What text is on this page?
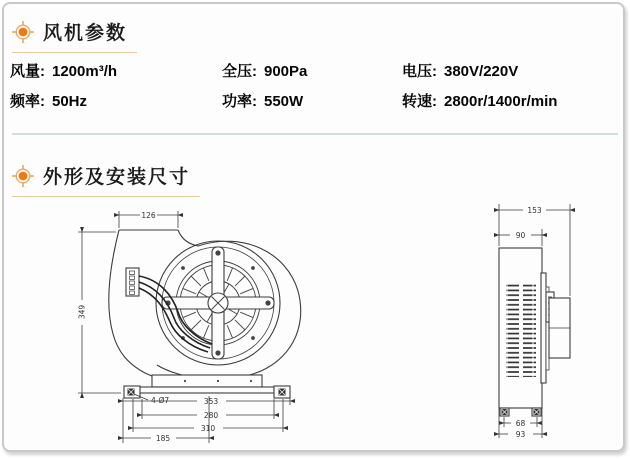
风机参数
风量: 1200m³/h	全压: 900Pa	电压: 380V/220V
频率: 50Hz	功率: 550W	转速: 2800r/1400r/min
外形及安装尺寸
126
349
4-Ø7	353
280
310
185
153
90
68
93
